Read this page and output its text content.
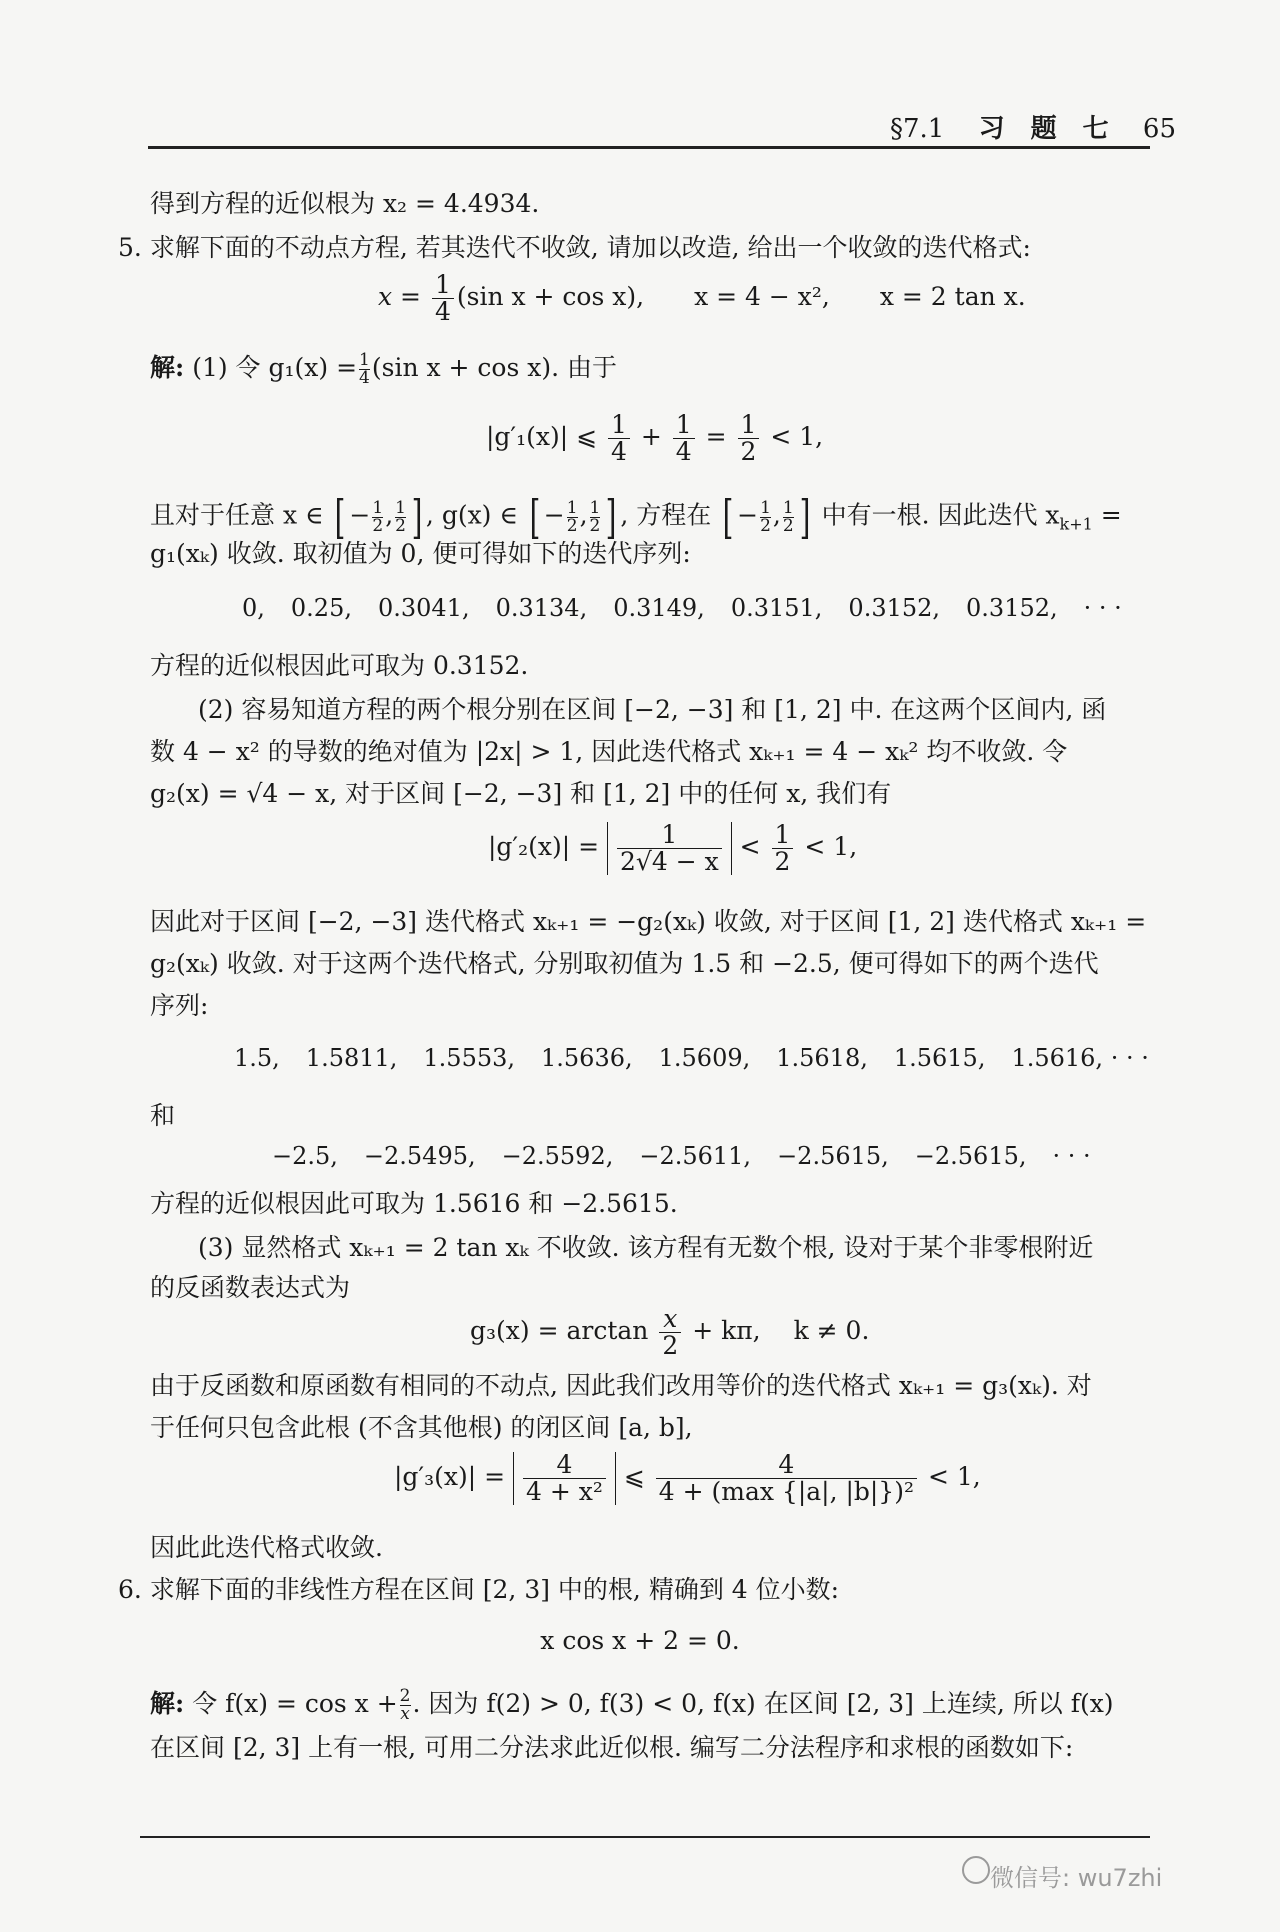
§7.1　 习　题　七　 65
得到方程的近似根为 x₂ = 4.4934.
5. 求解下面的不动点方程, 若其迭代不收敛, 请加以改造, 给出一个收敛的迭代格式:
$x = \frac{1}{4} (\sin$ x + cos x),　　 x = 4 − x²,　　 x = 2 tan x.
解: (1) 令 $g_1(x) = \frac{1}{4} (\sin$ x + cos x). 由于
|g′₁(x)| ⩽ $\frac{1}{4} + \frac{1}{4} = \frac{1}{2} < 1$,
且对于任意 x ∈ [ − $\frac{1}{2}$ , $\frac{1}{2}$ ] , g(x) ∈ [ − $\frac{1}{2}$ , $\frac{1}{2}$ ] , 方程在 [ − $\frac{1}{2}$ , $\frac{1}{2}$ ] 中有一根. 因此迭代 $x_{k+1}$ =
g₁(xₖ) 收敛. 取初值为 0, 便可得如下的迭代序列:
0, 0.25, 0.3041, 0.3134, 0.3149, 0.3151, 0.3152, 0.3152, · · ·
方程的近似根因此可取为 0.3152.
(2) 容易知道方程的两个根分别在区间 [−2, −3] 和 [1, 2] 中. 在这两个区间内, 函
数 4 − x² 的导数的绝对值为 |2x| > 1, 因此迭代格式 xₖ₊₁ = 4 − xₖ² 均不收敛. 令
g₂(x) = √4 − x, 对于区间 [−2, −3] 和 [1, 2] 中的任何 x, 我们有
$|g'_2(x)| = \frac{1}{2√4 - x} < \frac{1}{2} < 1$,
因此对于区间 [−2, −3] 迭代格式 xₖ₊₁ = −g₂(xₖ) 收敛, 对于区间 [1, 2] 迭代格式 xₖ₊₁ =
g₂(xₖ) 收敛. 对于这两个迭代格式, 分别取初值为 1.5 和 −2.5, 便可得如下的两个迭代
序列:
1.5, 1.5811, 1.5553, 1.5636, 1.5609, 1.5618, 1.5615, 1.5616, · · ·
和
−2.5, −2.5495, −2.5592, −2.5611, −2.5615, −2.5615, · · ·
方程的近似根因此可取为 1.5616 和 −2.5615.
(3) 显然格式 xₖ₊₁ = 2 tan xₖ 不收敛. 该方程有无数个根, 设对于某个非零根附近
的反函数表达式为
$g_3(x) = \arctan \frac{x}{2} + k\pi$,　 k ≠ 0.
由于反函数和原函数有相同的不动点, 因此我们改用等价的迭代格式 xₖ₊₁ = g₃(xₖ). 对
于任何只包含此根 (不含其他根) 的闭区间 [a, b],
$|g'_3(x)| = \frac{4}{\text{4 + x²}}$ ⩽ $\frac{4}{\text{4 + (max \{|a|, |b|\})²}} < 1$,
因此此迭代格式收敛.
6. 求解下面的非线性方程在区间 [2, 3] 中的根, 精确到 4 位小数:
x cos x + 2 = 0.
解: 令 $f(x) = \cos x + \frac{2}{x}$ . 因为 f(2) > 0, f(3) < 0, f(x) 在区间 [2, 3] 上连续, 所以 f(x)
在区间 [2, 3] 上有一根, 可用二分法求此近似根. 编写二分法程序和求根的函数如下:
微信号: wu7zhi
